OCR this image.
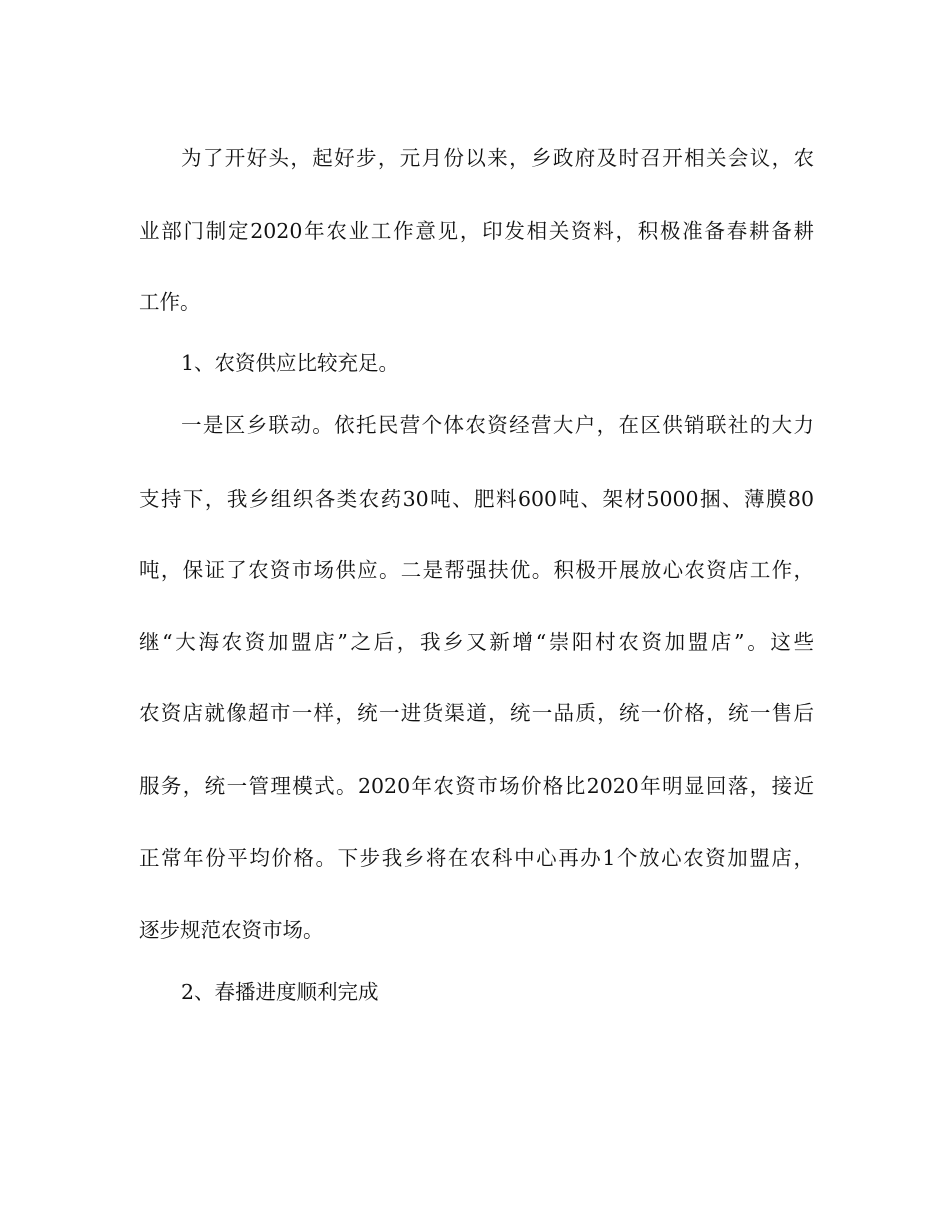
为了开好头，起好步，元月份以来，乡政府及时召开相关会议，农
业部门制定2020年农业工作意见，印发相关资料，积极准备春耕备耕
工作。
1、农资供应比较充足。
一是区乡联动。依托民营个体农资经营大户，在区供销联社的大力
支持下，我乡组织各类农药30吨、肥料600吨、架材5000捆、薄膜80
吨，保证了农资市场供应。二是帮强扶优。积极开展放心农资店工作，
继“大海农资加盟店”之后，我乡又新增“崇阳村农资加盟店”。这些
农资店就像超市一样，统一进货渠道，统一品质，统一价格，统一售后
服务，统一管理模式。2020年农资市场价格比2020年明显回落，接近
正常年份平均价格。下步我乡将在农科中心再办1个放心农资加盟店，
逐步规范农资市场。
2、春播进度顺利完成
